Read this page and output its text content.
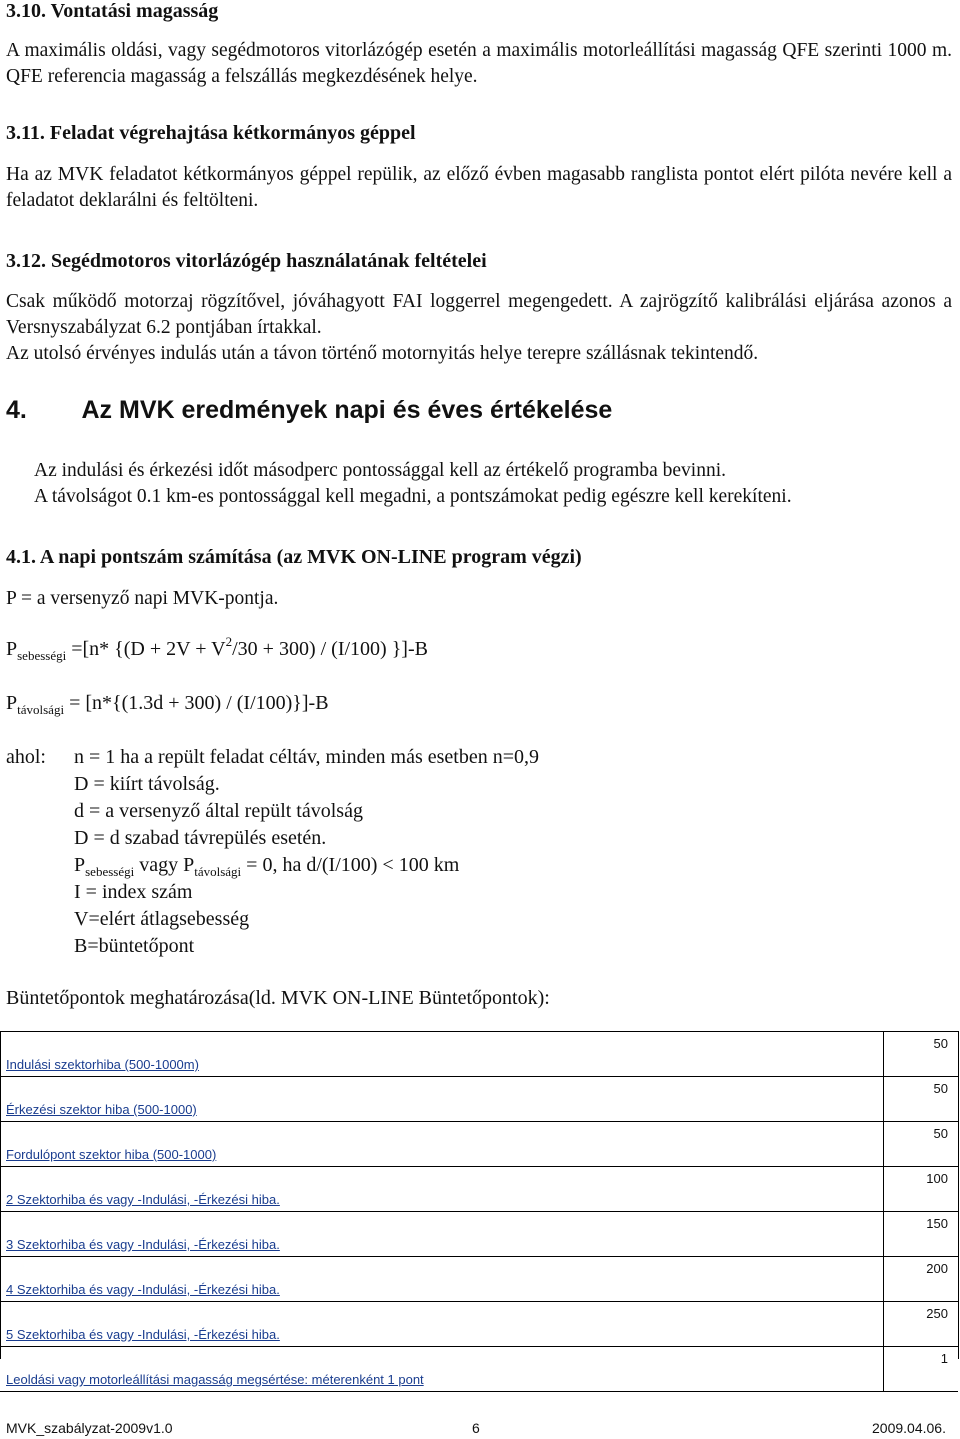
3.10. Vontatási magasság
A maximális oldási, vagy segédmotoros vitorlázógép esetén a maximális motorleállítási magasság QFE szerinti 1000 m. QFE referencia magasság a felszállás megkezdésének helye.
3.11. Feladat végrehajtása kétkormányos géppel
Ha az MVK feladatot kétkormányos géppel repülik, az előző évben magasabb ranglista pontot elért pilóta nevére kell a feladatot deklarálni és feltölteni.
3.12. Segédmotoros vitorlázógép használatának feltételei
Csak működő motorzaj rögzítővel, jóváhagyott FAI loggerrel megengedett. A zajrögzítő kalibrálási eljárása azonos a Versnyszabályzat 6.2 pontjában írtakkal.
Az utolsó érvényes indulás után a távon történő motornyitás helye terepre szállásnak tekintendő.
4.        Az MVK eredmények napi és éves értékelése
Az indulási és érkezési időt másodperc pontossággal kell az értékelő programba bevinni.
A távolságot 0.1 km-es pontossággal kell megadni, a pontszámokat pedig egészre kell kerekíteni.
4.1. A napi pontszám számítása (az MVK ON-LINE program végzi)
P = a versenyző napi MVK-pontja.
$P_{sebességi} =[n*$ {$(D + 2V + V^2/30 + 300) / (I/100)$ }]-B
$P_{távolsági} = [n*\{(1.3d + 300) / (I/100)\}]-B$
ahol: n = 1 ha a repült feladat céltáv, minden más esetben n=0,9
D = kiírt távolság.
d = a versenyző által repült távolság
D = d szabad távrepülés esetén.
$P_{sebességi}$ vagy $P_{távolsági} = 0$, ha d/(I/100) < 100 km
I = index szám
V=elért átlagsebesség
B=büntetőpont
Büntetőpontok meghatározása(ld. MVK ON-LINE Büntetőpontok):
Indulási szektorhiba (500-1000m)	50
Érkezési szektor hiba (500-1000)	50
Fordulópont szektor hiba (500-1000)	50
2 Szektorhiba és vagy -Indulási, -Érkezési hiba.	100
3 Szektorhiba és vagy -Indulási, -Érkezési hiba.	150
4 Szektorhiba és vagy -Indulási, -Érkezési hiba.	200
5 Szektorhiba és vagy -Indulási, -Érkezési hiba.	250
Leoldási vagy motorleállítási magasság megsértése: méterenként 1 pont	1
MVK_szabályzat-2009v1.0	6	2009.04.06.
